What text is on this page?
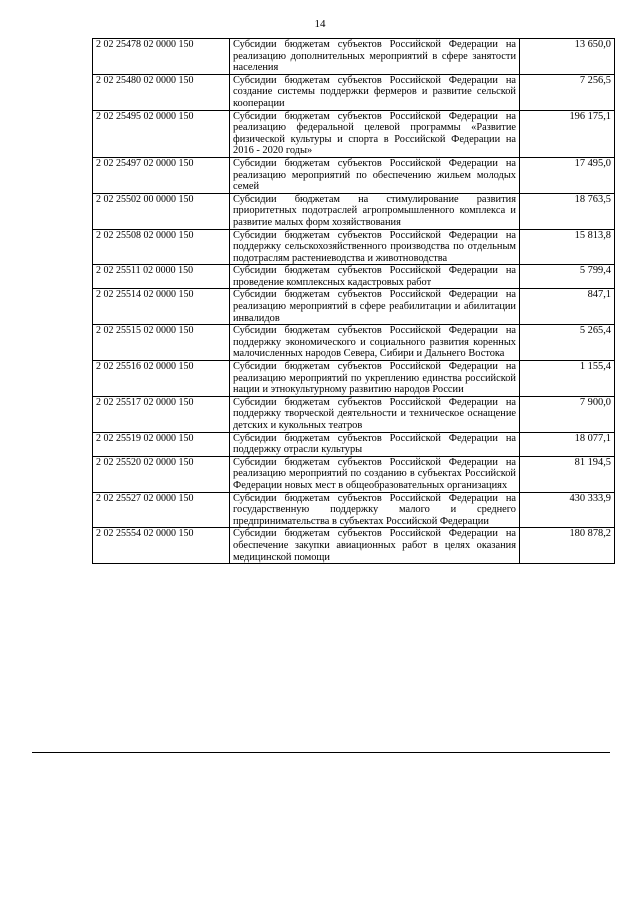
14
2 02 25478 02 0000 150	Субсидии бюджетам субъектов Российской Федерации на реализацию дополнительных мероприятий в сфере занятости населения	13 650,0
2 02 25480 02 0000 150	Субсидии бюджетам субъектов Российской Федерации на создание системы поддержки фермеров и развитие сельской кооперации	7 256,5
2 02 25495 02 0000 150	Субсидии бюджетам субъектов Российской Федерации на реализацию федеральной целевой программы «Развитие физической культуры и спорта в Российской Федерации на 2016 - 2020 годы»	196 175,1
2 02 25497 02 0000 150	Субсидии бюджетам субъектов Российской Федерации на реализацию мероприятий по обеспечению жильем молодых семей	17 495,0
2 02 25502 00 0000 150	Субсидии бюджетам на стимулирование развития приоритетных подотраслей агропромышленного комплекса и развитие малых форм хозяйствования	18 763,5
2 02 25508 02 0000 150	Субсидии бюджетам субъектов Российской Федерации на поддержку сельскохозяйственного производства по отдельным подотраслям растениеводства и животноводства	15 813,8
2 02 25511 02 0000 150	Субсидии бюджетам субъектов Российской Федерации на проведение комплексных кадастровых работ	5 799,4
2 02 25514 02 0000 150	Субсидии бюджетам субъектов Российской Федерации на реализацию мероприятий в сфере реабилитации и абилитации инвалидов	847,1
2 02 25515 02 0000 150	Субсидии бюджетам субъектов Российской Федерации на поддержку экономического и социального развития коренных малочисленных народов Севера, Сибири и Дальнего Востока	5 265,4
2 02 25516 02 0000 150	Субсидии бюджетам субъектов Российской Федерации на реализацию мероприятий по укреплению единства российской нации и этнокультурному развитию народов России	1 155,4
2 02 25517 02 0000 150	Субсидии бюджетам субъектов Российской Федерации на поддержку творческой деятельности и техническое оснащение детских и кукольных театров	7 900,0
2 02 25519 02 0000 150	Субсидии бюджетам субъектов Российской Федерации на поддержку отрасли культуры	18 077,1
2 02 25520 02 0000 150	Субсидии бюджетам субъектов Российской Федерации на реализацию мероприятий по созданию в субъектах Российской Федерации новых мест в общеобразовательных организациях	81 194,5
2 02 25527 02 0000 150	Субсидии бюджетам субъектов Российской Федерации на государственную поддержку малого и среднего предпринимательства в субъектах Российской Федерации	430 333,9
2 02 25554 02 0000 150	Субсидии бюджетам субъектов Российской Федерации на обеспечение закупки авиационных работ в целях оказания медицинской помощи	180 878,2
